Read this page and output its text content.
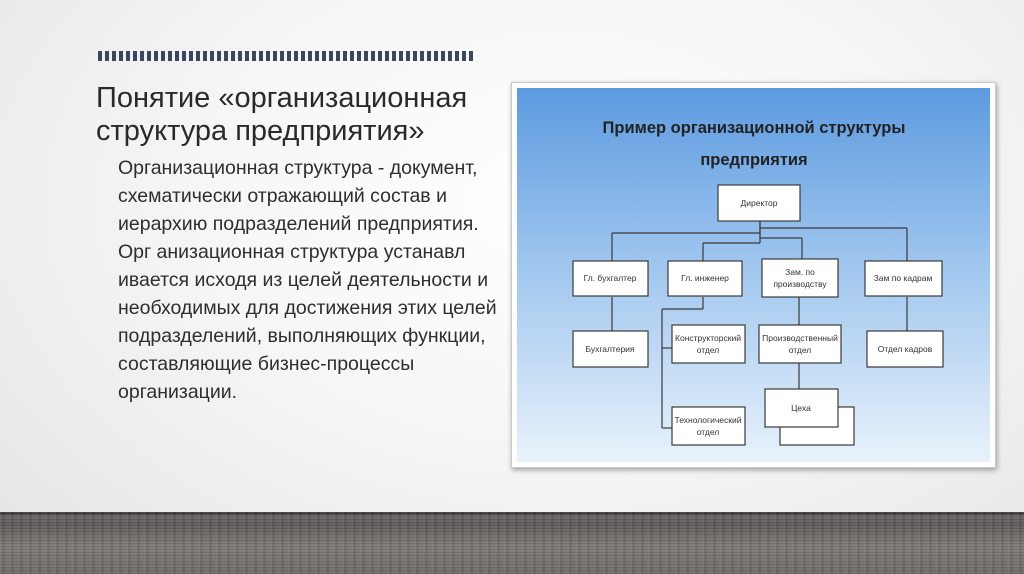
Понятие «организационная структура предприятия»

Организационная структура - документ, схематически отражающий состав и иерархию подразделений предприятия. Орг анизационная структура устанавл ивается исходя из целей деятельности и необходимых для достижения этих целей подразделений, выполняющих функции, составляющие бизнес-процессы организации.

Пример организационной структуры
предприятия
Директор
Гл. бухгалтер	Гл. инженер
Зам. по
производству
Зам по кадрам
Бухгалтерия
Конструкторский
отдел
Производственный
отдел	Отдел кадров
Цеха
Технологический
отдел
